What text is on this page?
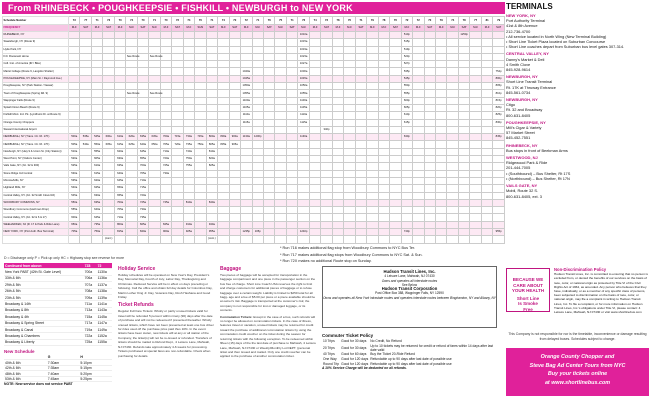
From RHINEBECK • POUGHKEEPSIE • FISHKILL • NEWBURGH to NEW YORK
Schedule Number	73	77	71	73	70	74	70	71	70	72	74	70	71	74	70	72	71	76	75	71	76	74	73	78	70	71	79	78	76	72	72	70	79	74	78	77	81	79
FREQUENCY	M-F	SAT	M-F	SAT	M-F	M-F	SAT	M-F	M-F	SAT	M-F	SUN	SAT	M-F	SAT	M-F	M-F	SAT	M-F	SAT	M-F	M-F	SAT	M-F	M-F	SAT	M-F	M-F	SAT	M-F	M-F	SAT	M-F	M-F	SAT	M-F	M-F	SAT
RHINEBECK, NY																					1010a									510p					1250p			
Staatsburgh, NY (Route 9)																					1015a									515p								
Hyde Park, NY																					1019a									519p								
F.D. Roosevelt Home						See Route		See Route													1023a									523p								
Coll. Inst. of America (IR / Bike)																					1027a									527p								
Marist College (Route 9, Langdon Shelter)																1040a					1030a									535p								754p
POUGHKEEPSIE, NY (Main St. / Raymond Ave.)																1045a					1045a									545p								800p
Poughkeepsie, NY (Park Station / Vassar)																1050a					1050a									550p								805p
Town of Poughkeepsie (Spring Rd. 9)						See Route		See Route								1055a					1055a									555p								810p
Wappinger Falls (Route 9)																1100a					1100a									600p								815p
Splash Down Beach (Route 9)																1105a					1105a									605p								820p
Fishkill Mont. Ind. Pk. (Lyndhurst Dr. at Route 9)																1110a					1110a									610p								825p
Orange County Choppers																1115a					1115a									615p								830p
Stewart International Airport																							340p															
NEWBURGH, NY (Trans. Ctr. Rt. 17K)	500a	535a	545a	600a	610a	620a	635a	645a	700a	715a	730a	745a	800a	830a	900a	1130a	1200p				1130a									630p								845p
NEWBURGH, NY (Trans. Ctr. Rt. 17K)	505a	540a	550a	605a	615a	625a	640a	650a	705a	720a	735a	750a	805a	835a	905a																							
Newburgh, NY (Hwy 9 & Union St. (City Station))	510a		555a		620a		645a		710a		740a		810a																									
West Point, NY (Visitors Center)	520a		605a		630a		655a		720a		750a		820a																									
Vails Gate, NY (Jct. 32 & 300)	525a		610a		635a		700a		725a		755a		825a																									
Stone Ridge Ind Central	530a		615a		640a		705a		730a																													
Monroe/Hills, NY	535a		620a		645a		710a																															
Highland Mills, NY	540a		625a		650a		715a																															
Central Valley, NY (Jct. 32 Smith Clove Rd)	545a		630a		655a		720a																															
WOODBURY COMMONS, NY	550a		635a		700a		725a		745a		810a		840a																									
Woodbury Commons (Harriman Drop)	555a		640a		705a		730a																															
Central Valley, NY (Jct. 32 & 6 & 17)	600a		645a		710a		735a																															
WEEHAWKEN, NJ (R. 17 & Park & Ride Lane)	650a		735a		800a		825a		845a		910a		940a																									
NEW YORK, NY (Port Auth. Bus Terminal)	705a		750a		815a		840a		900a		925a		955a			1235p	105p				1240p									740p								955p
				(cont.)									(cont.)																									
D = Discharge only P = Pick up only HC = Highway stop see reverse for more
* Run 716 makes additional flag stop from Woodbury Commons to NYC Bus Ter.
* Run 717 makes additional flag stops from Woodbury Commons to NYC Sat. & Sun.
* Run 72X makes no additional Route stop on Sunday.
Continued from above:	7Z8	72
New York PABT (42th St. Gate Level)	700a	1130a
33th & 6th	706a	1136a
29th & 5th	707a	1137a
26th & 5th	708a	1138a
23th & 5th	709a	1139a
Broadway & 14th	711a	1141a
Broadway & 8th	713a	1143a
Broadway & 4th	715a	1145a
Broadway & Spring Street	717a	1147a
Broadway & Canal	719a	1149a
Broadway & Chambers	722a	1152a
Broadway & Liberty	725a	1155a
New Schedule
	G	H
40th & 6th	7:30am	5:10pm
42th & 6th	7:35am	5:15pm
48th & 6th	7:40am	5:20pm
53th & 6th	7:45am	5:25pm
NOTE: New service does not service PABT
Holiday Service
Holiday schedules will be operated on New Year's Day, President's Day, Memorial Day, Fourth of July, Labor Day, Thanksgiving and Christmas. Reduced Service will be in effect on days preceding or following. Call the office and obtain full day details for Columbus Day, Martin Luther King Jr. Day, Veterans Day, Rosh Hashana and Good Friday.
Ticket Refunds
Regular Full Fare Tickets: Wholly or partly unused tickets valid for travel will be refunded 5 percent within ninety (90) days after the date of purchase and will not be redeemed if presented thereafter. Wholly unused tickets, which have not been presented at least one bus driver for rides used off the purchase price paid thus 10%. In the event tickets have been stolen, new tickets will at any or all station of the Company, the ticket(s) will not be re-issued or refunded. Transfers of tickets should be mailed to Refund Dept., 4 Leisure Lane, Mahwah, NJ 07430. Refunds take approximately 4-6 weeks for processing. Tickets purchased at special fares are non-refundable. Check when purchasing for details.
Baggage
Two pieces of baggage will be accepted for transportation in the baggage compartment and one piece in the passenger section on the bus free of charge. Short Line Coach USA reserves the right to limit and charge customers for additional pieces of baggage or to refuse baggage over a certain weight. Liability is limited to $250 total for all bagg- age and a fee of $5.00 per piece or a piece available should be at owner's risk. Baggage is transported at the customer's risk; the company is not responsible for lost or damaged luggage, or its contents.
Commutation Tickets: Except in the case of a bus, such refunds will no longer be allowed on commutation tickets. In the case of illness, features travel or vacation, unused tickets may be returned for credit toward the purchase of additional commutation tickets by using the commutation credit voucher on the ticket during the season for returning tickets with the following exception. To be redeemed within fifteen (15) days of the the last date of purchase to Mahwah, 4 Leisure Lane, Mahwah, NJ 07430 or Weekly/Monthly Lot DEPT. (personal ticket and then issued and mailed. Only one credit voucher can be applied to the purchase of another commutation ticket.
Hudson Transit Lines, Inc.
4 Leisure Lane, Mahwah, NJ 07430
Owns and operates all interstate routes
See Below
Hudson Transit Corporation
Post Office Box 388, Wappinger Falls, NY 12590
Owns and operates all New York intrastate routes and operates interstate routes between Binghamton, NY and Albany, NY
Commuter Ticket Policy
10 Trips	Good for 30 days	No Credit, No Refund
20 Trips	Good for 30 days	Up to 10 tickets may be returned for credit or refund of fares within 14 days after last date valid
40 Trips	Good for 60 days	Buy the Ticket 20-Ride Refund
One Way	Good for 120 days	Refundable up to 90 days after last date of possible use
Round Trip	Good for 120 days	Refundable up to 90 days after last date of possible use
A 10% Service Charge will be deducted on all refunds.
TERMINALS
NEW YORK, NY
Port Authority Terminal
41st & 8th Avenue
212-736-4700
• All service located in North Wing (New Terminal Building)
• Short Line Ticket Plaza located on Suburban Concourse
• Short Line coaches depart from Suburban bus level gates 307-314.
CENTRAL VALLEY, NY
Danny's Market & Deli
4 Smith Clove
845-928-9614
NEWBURGH, NY
Short Line Transit Terminal
Rt. 17K at Thruway Entrance
845-561-0734
NEWBURGH, NY
Citgo
Rt. 32 and Broadway
800-631-8405
POUGHKEEPSIE, NY
Mill's Cigar & Variety
57 Market Street
845-452-7551
RHINEBECK, NY
Bus stops in front of Beekman Arms
WESTWOOD, NJ
Ridgewood Park & Ride
201-444-7005
• (Southbound) – Bus Shelter, Rt 17S
• (Northbound) – Bus Shelter, Rt 17N
VAILS GATE, NY
Mobil, Route 32 S.
800-631-8405, ext. 3
BECAUSE WE
CARE ABOUT
YOUR HEALTH
Short Line
Is Smoke
Free
Non-Discrimination Policy
Hudson Transit Lines, Inc. is committed to ensuring that no person is excluded from, or denied the benefits of our services on the basis of race, color, or national origin as protected by Title VI of the Civil Rights Act of 1964, as amended. Any person who believes that they have, individually, or as a member of any specific class of persons, been subjected to discrimination on the basis of race, color, or national origin, may file a complaint in writing to Hudson Transit Lines, Inc. To file a complaint, or for more information on Hudson Transit Lines, Inc.'s obligations under Title VI, please contact: 4 Leisure Lane, Mahwah, NJ 07430 or visit www.shortlinebus.com
This Company is not responsible for nor is the timetable, inconvenience or damage resulting from delayed buses. Schedules subject to change.
Orange County Chopper and
Steve Bag Ad Center Tours from NYC
Buy your tickets online
at www.shortlinebus.com
